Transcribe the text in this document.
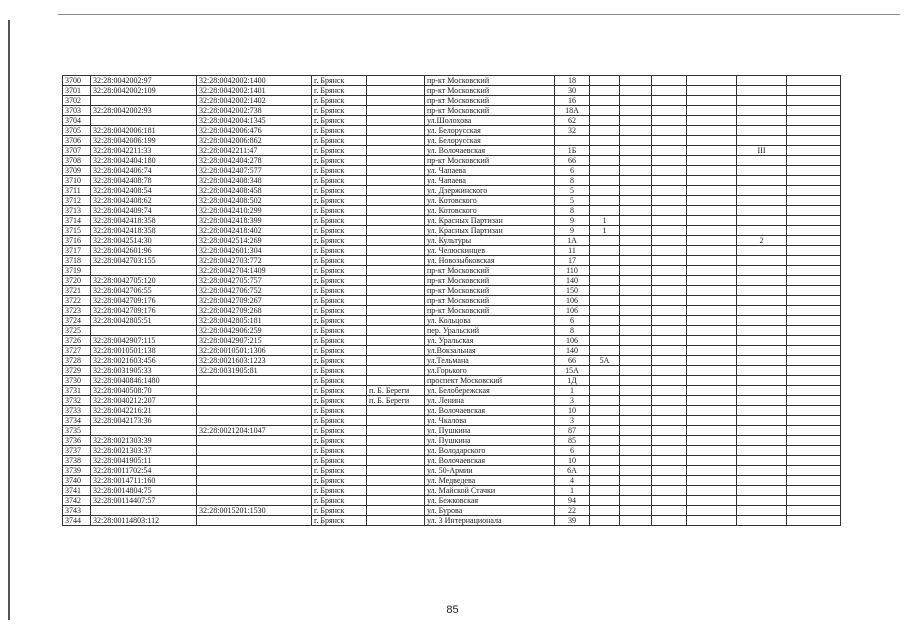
3700	32:28:0042002:97	32:28:0042002:1400	г. Брянск		пр-кт Московский	18						
3701	32:28:0042002:109	32:28:0042002:1401	г. Брянск		пр-кт Московский	30						
3702		32:28:0042002:1402	г. Брянск		пр-кт Московский	16						
3703	32:28:0042002:93	32:28:0042002:738	г. Брянск		пр-кт Московский	18А						
3704		32:28:0042004:1345	г. Брянск		ул.Шолохова	62						
3705	32:28:0042006:181	32:28:0042006:476	г. Брянск		ул. Белорусская	32						
3706	32:28:0042006:199	32:28:0042006:862	г. Брянск		ул. Белорусская							
3707	32:28:0042211:33	32:28:0042211:47	г. Брянск		ул. Волочаевская	1Б					III	
3708	32:28:0042404:180	32:28:0042404:278	г. Брянск		пр-кт Московский	66						
3709	32:28:0042406:74	32:28:0042407:577	г. Брянск		ул. Чапаева	6						
3710	32:28:0042408:78	32:28:0042408:348	г. Брянск		ул. Чапаева	8						
3711	32:28:0042408:54	32:28:0042408:458	г. Брянск		ул. Дзержинского	5						
3712	32:28:0042408:62	32:28:0042408:502	г. Брянск		ул. Котовского	5						
3713	32:28:0042409:74	32:28:0042410:299	г. Брянск		ул. Котовского	8						
3714	32:28:0042418:358	32:28:0042418:399	г. Брянск		ул. Красных Партизан	9	1					
3715	32:28:0042418:358	32:28:0042418:402	г. Брянск		ул. Красных Партизан	9	1					
3716	32:28:0042514:30	32:28:0042514:269	г. Брянск		ул. Культуры	1А					2	
3717	32:28:0042601:96	32:28:0042601:304	г. Брянск		ул. Челюскинцев	11						
3718	32:28:0042703:155	32:28:0042703:772	г. Брянск		ул. Новозыбковская	17						
3719		32:28:0042704:1409	г. Брянск		пр-кт Московский	110						
3720	32:28:0042705:120	32:28:0042705:757	г. Брянск		пр-кт Московский	140						
3721	32:28:0042706:55	32:28:0042706:752	г. Брянск		пр-кт Московский	150						
3722	32:28:0042709:176	32:28:0042709:267	г. Брянск		пр-кт Московский	106						
3723	32:28:0042709:176	32:28:0042709:268	г. Брянск		пр-кт Московский	106						
3724	32:28:0042805:51	32:28:0042805:181	г. Брянск		ул. Кольцова	6						
3725		32:28:0042906:259	г. Брянск		пер. Уральский	8						
3726	32:28:0042907:115	32:28:0042907:215	г. Брянск		ул. Уральская	106						
3727	32:28:0010501:138	32:28:0010501:1306	г. Брянск		ул.Вокзальная	140						
3728	32:28:0021603:456	32:28:0021603:1223	г. Брянск		ул.Тельмана	66	5А					
3729	32:28:0031905:33	32:28:0031905:81	г. Брянск		ул.Горького	15А						
3730	32:28:0040846:1480		г. Брянск		проспект Московский	1Д						
3731	32:28:0040508:70		г. Брянск	п. Б. Береги	ул. Белобережская	1						
3732	32:28:0040212:207		г. Брянск	п. Б. Береги	ул. Ленина	3						
3733	32:28:0042216:21		г. Брянск		ул. Волочаевская	10						
3734	32:28:0042173:36		г. Брянск		ул. Чкалова	3						
3735		32:28:0021204:1047	г. Брянск		ул. Пушкина	87						
3736	32:28:0021303:39		г. Брянск		ул. Пушкина	85						
3737	32:28:0021303:37		г. Брянск		ул. Володарского	6						
3738	32:28:0041905:11		г. Брянск		ул. Волочаевская	10						
3739	32:28:0011702:54		г. Брянск		ул. 50-Армии	6А						
3740	32:28:0014711:160		г. Брянск		ул. Медведева	4						
3741	32:28:0014804:75		г. Брянск		ул. Майской Стачки	1						
3742	32:28:00114407:57		г. Брянск		ул. Бежковская	94						
3743		32:28:0015201:1530	г. Брянск		ул. Бурова	22						
3744	32:28:00114803:112		г. Брянск		ул. 3 Интернационала	39						
85
